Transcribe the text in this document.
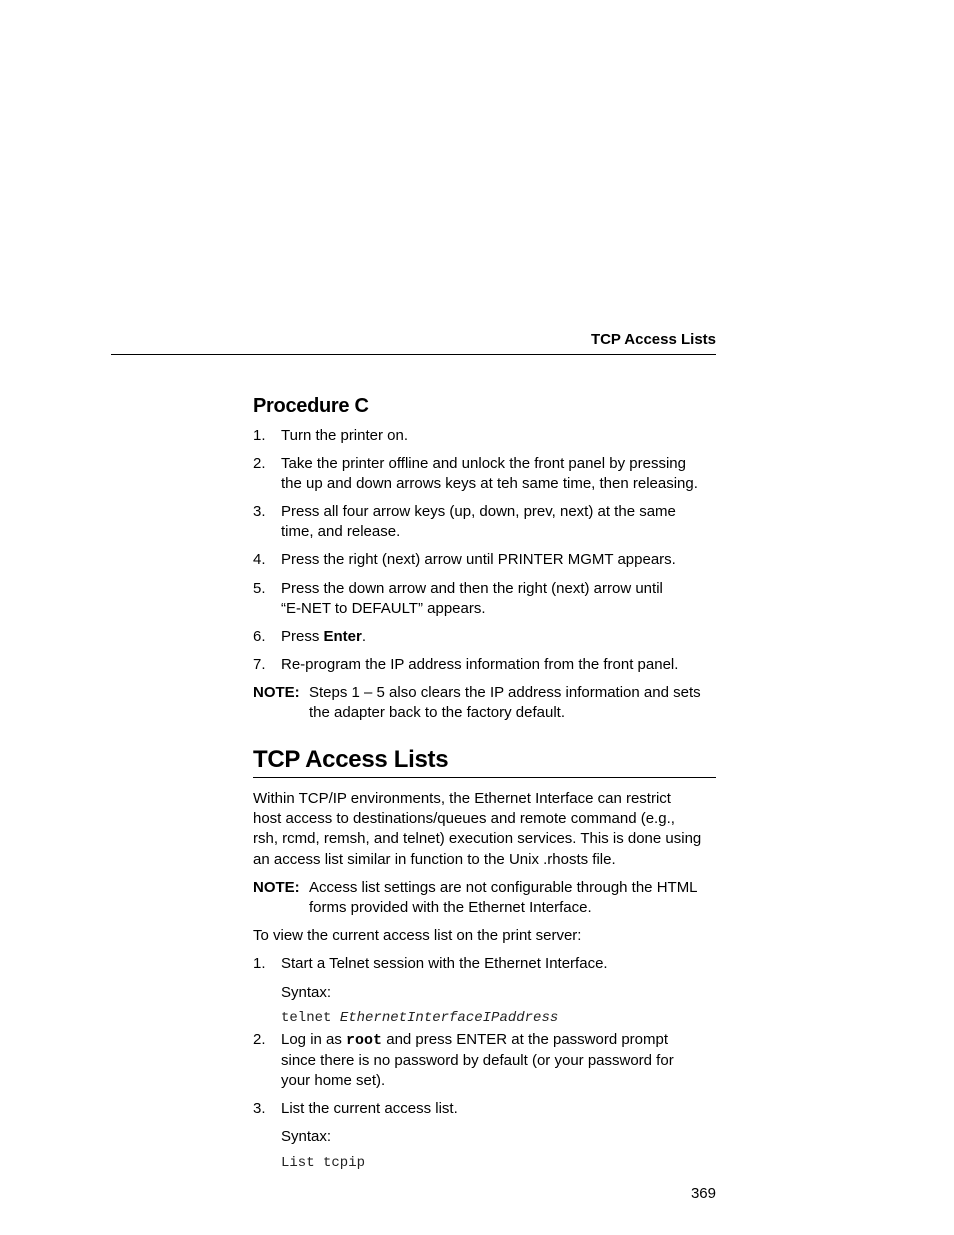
TCP Access Lists
Procedure C
1. Turn the printer on.
2. Take the printer offline and unlock the front panel by pressing
the up and down arrows keys at teh same time, then releasing.
3. Press all four arrow keys (up, down, prev, next) at the same
time, and release.
4. Press the right (next) arrow until PRINTER MGMT appears.
5. Press the down arrow and then the right (next) arrow until
“E-NET to DEFAULT” appears.
6. Press Enter.
7. Re-program the IP address information from the front panel.
NOTE: Steps 1 – 5 also clears the IP address information and sets
the adapter back to the factory default.
TCP Access Lists
Within TCP/IP environments, the Ethernet Interface can restrict
host access to destinations/queues and remote command (e.g.,
rsh, rcmd, remsh, and telnet) execution services. This is done using
an access list similar in function to the Unix .rhosts file.
NOTE: Access list settings are not configurable through the HTML
forms provided with the Ethernet Interface.
To view the current access list on the print server:
1. Start a Telnet session with the Ethernet Interface.
Syntax:
telnet EthernetInterfaceIPaddress
2. Log in as root and press ENTER at the password prompt
since there is no password by default (or your password for
your home set).
3. List the current access list.
Syntax:
List tcpip
369
